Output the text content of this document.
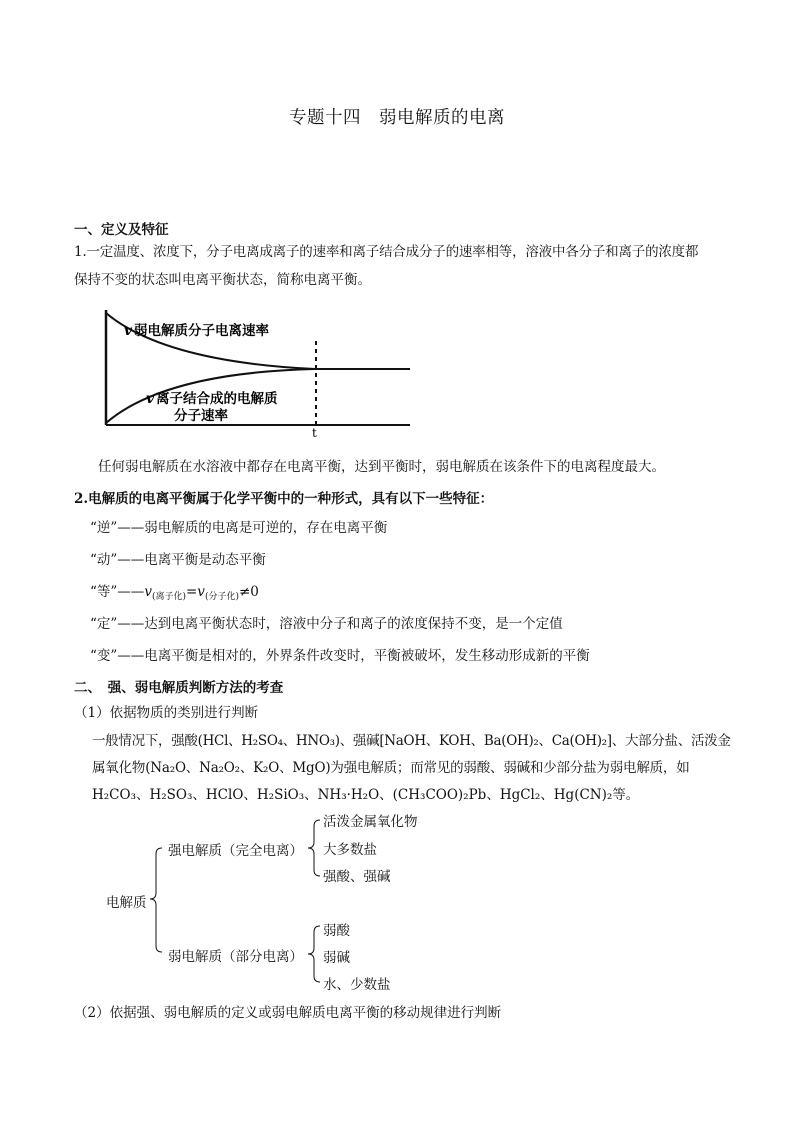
专题十四　弱电解质的电离
一、定义及特征
1.一定温度、浓度下，分子电离成离子的速率和离子结合成分子的速率相等，溶液中各分子和离子的浓度都
保持不变的状态叫电离平衡状态，简称电离平衡。
v 弱电解质分子电离速率
v 离子结合成的电解质
分子速率
t
任何弱电解质在水溶液中都存在电离平衡，达到平衡时，弱电解质在该条件下的电离程度最大。
2.电解质的电离平衡属于化学平衡中的一种形式，具有以下一些特征：
“逆”——弱电解质的电离是可逆的，存在电离平衡
“动”——电离平衡是动态平衡
“等$”——v_{(离子化)}=v_{(分子化)}\ne 0$
“定”——达到电离平衡状态时，溶液中分子和离子的浓度保持不变，是一个定值
“变”——电离平衡是相对的，外界条件改变时，平衡被破坏，发生移动形成新的平衡
二、　强、弱电解质判断方法的考查
（1）依据物质的类别进行判断
一般情况下，强酸(HCl、H₂SO₄、HNO₃)、强碱[NaOH、KOH、Ba(OH)₂、Ca(OH)₂]、大部分盐、活泼金
属氧化物(Na₂O、Na₂O₂、K₂O、MgO)为强电解质；而常见的弱酸、弱碱和少部分盐为弱电解质，如
H₂CO₃、H₂SO₃、HClO、H₂SiO₃、NH₃·H₂O、(CH₃COO)₂Pb、HgCl₂、Hg(CN)₂等。
电解质
强电解质（完全电离）
活泼金属氧化物
大多数盐
强酸、强碱
弱电解质（部分电离）
弱酸
弱碱
水、少数盐
（2）依据强、弱电解质的定义或弱电解质电离平衡的移动规律进行判断
